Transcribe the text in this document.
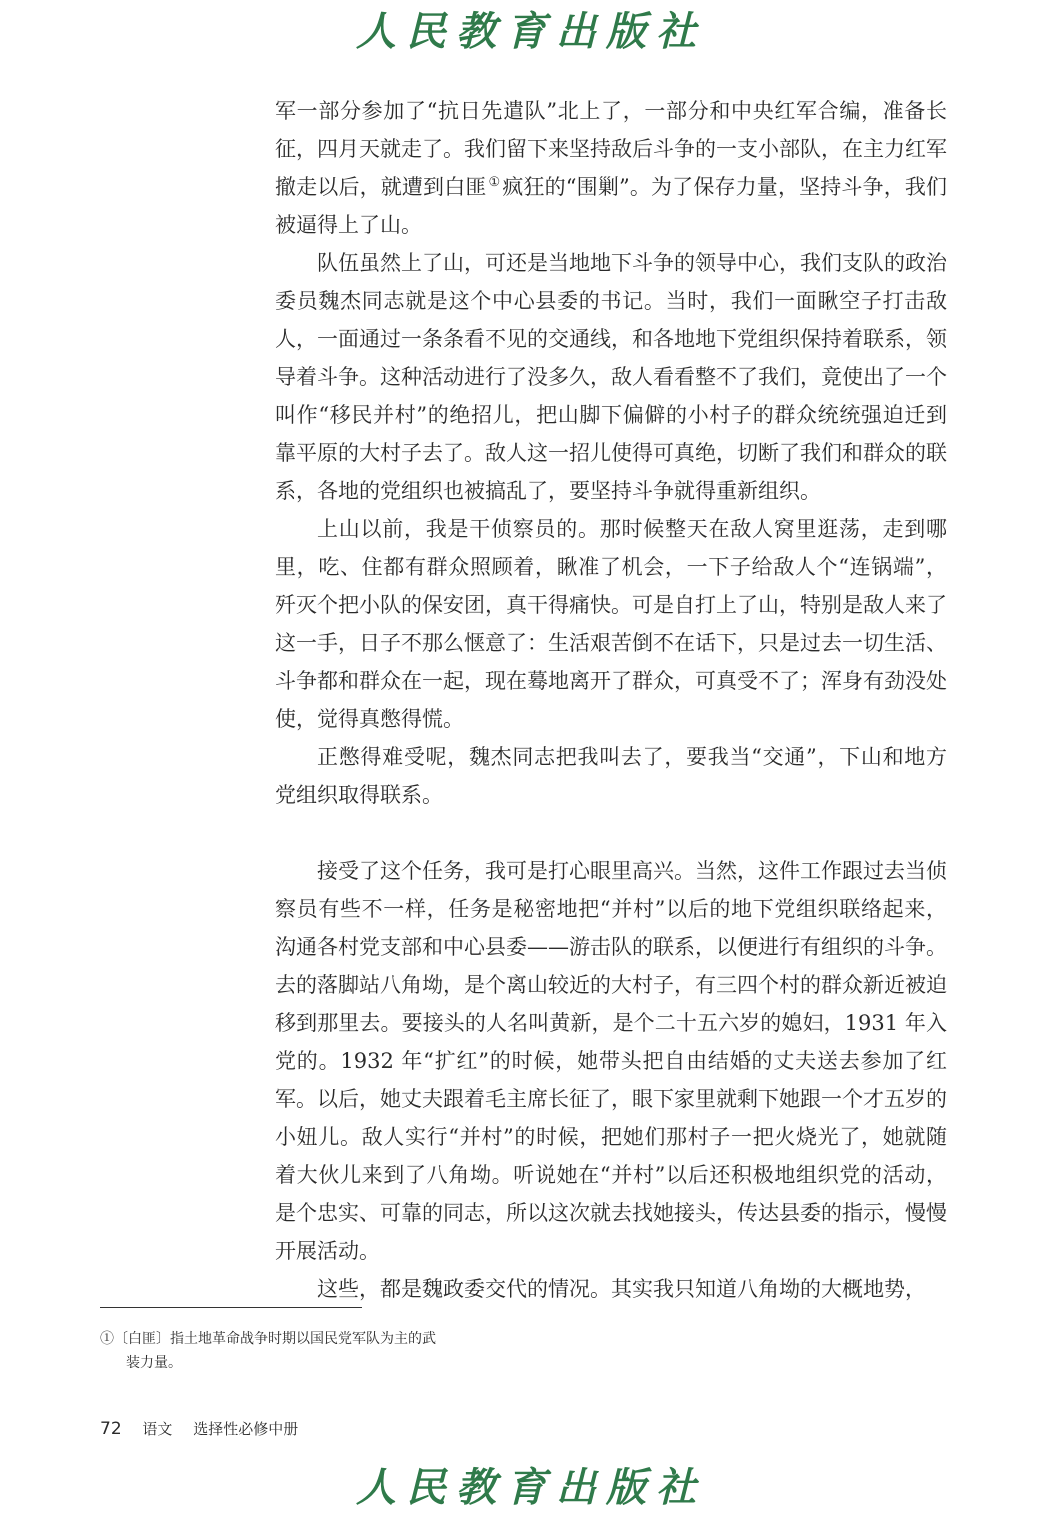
人民教育出版社

军一部分参加了“抗日先遣队”北上了，一部分和中央红军合编，准备长征，四月天就走了。我们留下来坚持敌后斗争的一支小部队，在主力红军撤走以后，就遭到白匪 ①疯狂的“围剿”。为了保存力量，坚持斗争，我们被逼得上了山。

队伍虽然上了山，可还是当地地下斗争的领导中心，我们支队的政治委员魏杰同志就是这个中心县委的书记。当时，我们一面瞅空子打击敌人，一面通过一条条看不见的交通线，和各地地下党组织保持着联系，领导着斗争。这种活动进行了没多久，敌人看看整不了我们，竟使出了一个叫作“移民并村”的绝招儿，把山脚下偏僻的小村子的群众统统强迫迁到靠平原的大村子去了。敌人这一招儿使得可真绝，切断了我们和群众的联系，各地的党组织也被搞乱了，要坚持斗争就得重新组织。

上山以前，我是干侦察员的。那时候整天在敌人窝里逛荡，走到哪里，吃、住都有群众照顾着，瞅准了机会，一下子给敌人个“连锅端”，歼灭个把小队的保安团，真干得痛快。可是自打上了山，特别是敌人来了这一手，日子不那么惬意了：生活艰苦倒不在话下，只是过去一切生活、斗争都和群众在一起，现在蓦地离开了群众，可真受不了；浑身有劲没处使，觉得真憋得慌。

正憋得难受呢，魏杰同志把我叫去了，要我当“交通”，下山和地方党组织取得联系。

接受了这个任务，我可是打心眼里高兴。当然，这件工作跟过去当侦察员有些不一样，任务是秘密地把“并村”以后的地下党组织联络起来，沟通各村党支部和中心县委——游击队的联系，以便进行有组织的斗争。去的落脚站八角坳，是个离山较近的大村子，有三四个村的群众新近被迫移到那里去。要接头的人名叫黄新，是个二十五六岁的媳妇，1931 年入党的。1932 年“扩红”的时候，她带头把自由结婚的丈夫送去参加了红军。以后，她丈夫跟着毛主席长征了，眼下家里就剩下她跟一个才五岁的小妞儿。敌人实行“并村”的时候，把她们那村子一把火烧光了，她就随着大伙儿来到了八角坳。听说她在“并村”以后还积极地组织党的活动，是个忠实、可靠的同志，所以这次就去找她接头，传达县委的指示，慢慢开展活动。

这些，都是魏政委交代的情况。其实我只知道八角坳的大概地势，

①〔白匪〕指土地革命战争时期以国民党军队为主的武
装力量。
72 语文 选择性必修中册
人民教育出版社
